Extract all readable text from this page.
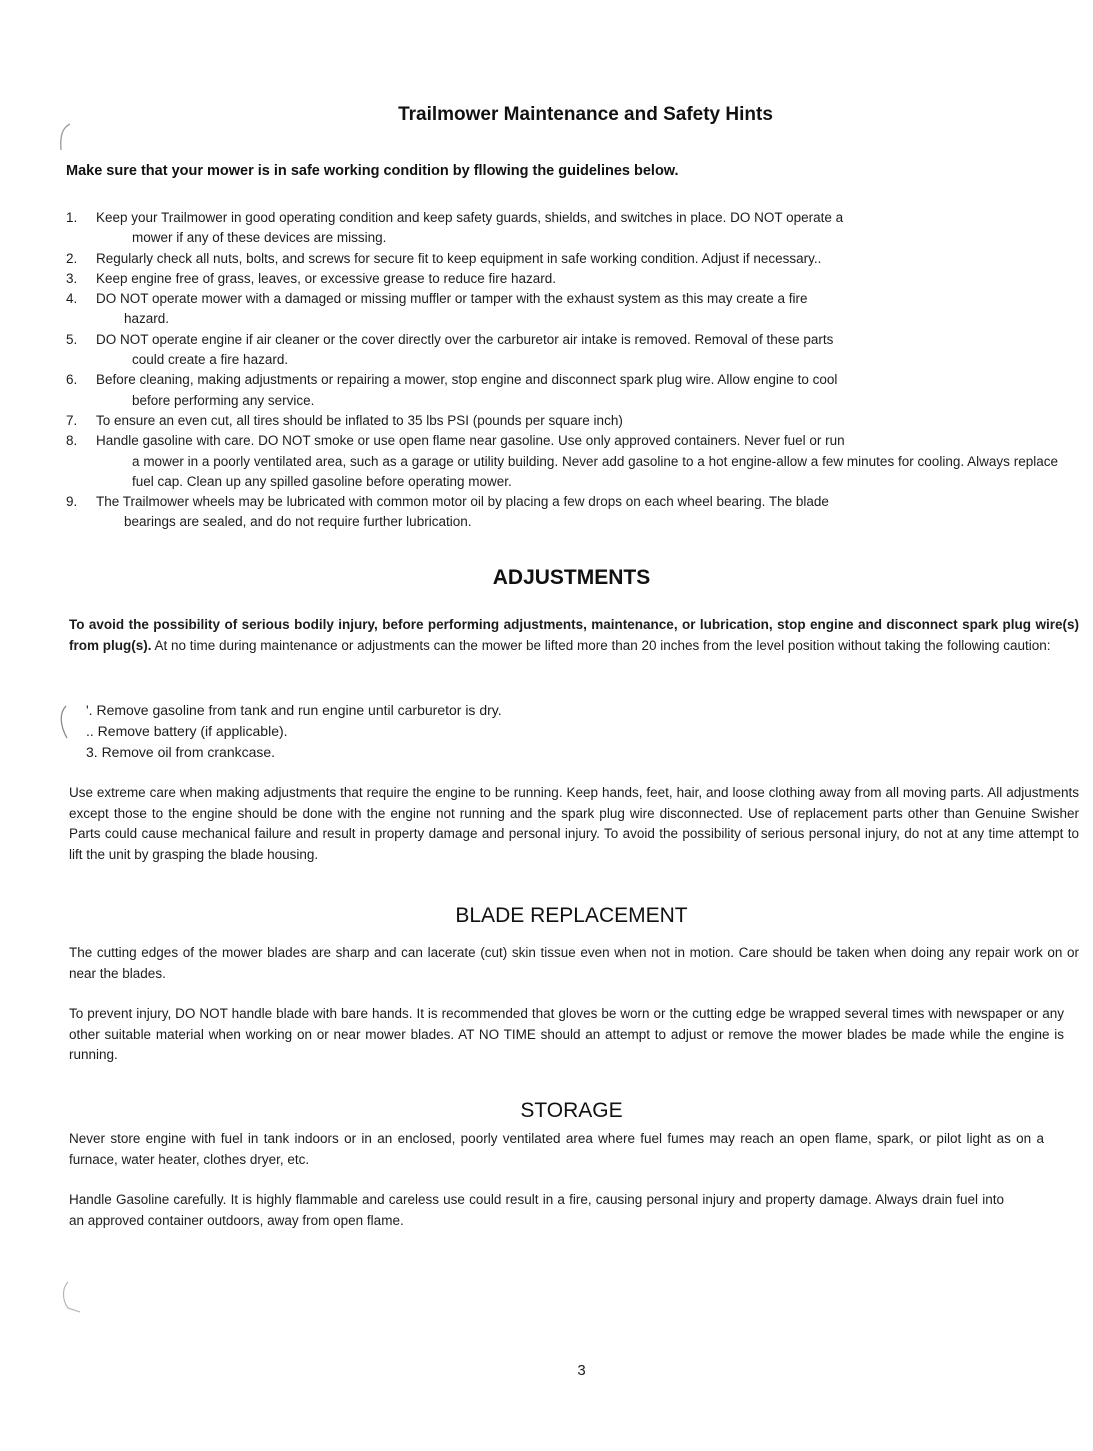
Trailmower Maintenance and Safety Hints
Make sure that your mower is in safe working condition by fllowing the guidelines below.
1.	Keep your Trailmower in good operating condition and keep safety guards, shields, and switches in place. DO NOT operate a
mower if any of these devices are missing.
2.	Regularly check all nuts, bolts, and screws for secure fit to keep equipment in safe working condition. Adjust if necessary..
3.	Keep engine free of grass, leaves, or excessive grease to reduce fire hazard.
4.	DO NOT operate mower with a damaged or missing muffler or tamper with the exhaust system as this may create a fire
hazard.
5.	DO NOT operate engine if air cleaner or the cover directly over the carburetor air intake is removed. Removal of these parts
could create a fire hazard.
6.	Before cleaning, making adjustments or repairing a mower, stop engine and disconnect spark plug wire. Allow engine to cool
before performing any service.
7.	To ensure an even cut, all tires should be inflated to 35 lbs PSI (pounds per square inch)
8.	Handle gasoline with care. DO NOT smoke or use open flame near gasoline. Use only approved containers. Never fuel or run
a mower in a poorly ventilated area, such as a garage or utility building. Never add gasoline to a hot engine-allow a few minutes for cooling. Always replace fuel cap. Clean up any spilled gasoline before operating mower.
9.	The Trailmower wheels may be lubricated with common motor oil by placing a few drops on each wheel bearing. The blade
bearings are sealed, and do not require further lubrication.
ADJUSTMENTS

To avoid the possibility of serious bodily injury, before performing adjustments, maintenance, or lubrication, stop engine and disconnect spark plug wire(s) from plug(s). At no time during maintenance or adjustments can the mower be lifted more than 20 inches from the level position without taking the following caution:

'. Remove gasoline from tank and run engine until carburetor is dry.
.. Remove battery (if applicable).
3. Remove oil from crankcase.

Use extreme care when making adjustments that require the engine to be running. Keep hands, feet, hair, and loose clothing away from all moving parts. All adjustments except those to the engine should be done with the engine not running and the spark plug wire disconnected. Use of replacement parts other than Genuine Swisher Parts could cause mechanical failure and result in property damage and personal injury. To avoid the possibility of serious personal injury, do not at any time attempt to lift the unit by grasping the blade housing.

BLADE REPLACEMENT

The cutting edges of the mower blades are sharp and can lacerate (cut) skin tissue even when not in motion. Care should be taken when doing any repair work on or near the blades.

To prevent injury, DO NOT handle blade with bare hands. It is recommended that gloves be worn or the cutting edge be wrapped several times with newspaper or any other suitable material when working on or near mower blades. AT NO TIME should an attempt to adjust or remove the mower blades be made while the engine is running.

STORAGE

Never store engine with fuel in tank indoors or in an enclosed, poorly ventilated area where fuel fumes may reach an open flame, spark, or pilot light as on a furnace, water heater, clothes dryer, etc.

Handle Gasoline carefully. It is highly flammable and careless use could result in a fire, causing personal injury and property damage. Always drain fuel into an approved container outdoors, away from open flame.

3
